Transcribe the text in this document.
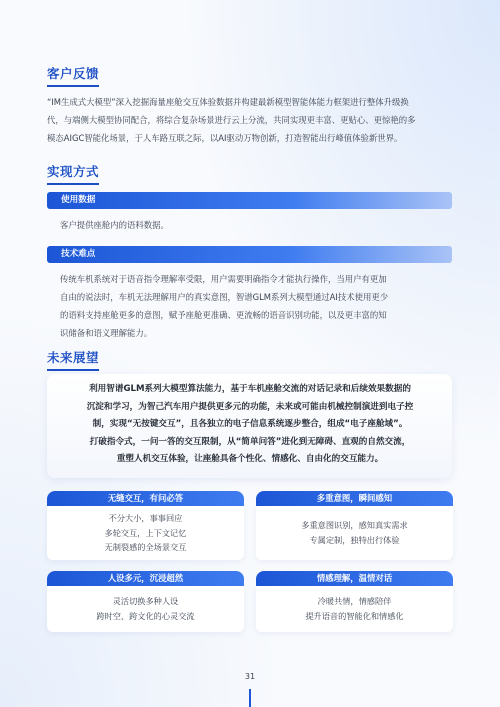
客户反馈
“IM生成式大模型”深入挖掘海量座舱交互体验数据并构建最新模型智能体能力框架进行整体升级换
代，与端侧大模型协同配合，将综合复杂场景进行云上分流，共同实现更丰富、更贴心、更惊艳的多
模态AIGC智能化场景，于人车路互联之际，以AI驱动万物创新，打造智能出行峰值体验新世界。
实现方式
使用数据
客户提供座舱内的语料数据。
技术难点
传统车机系统对于语音指令理解率受限，用户需要明确指令才能执行操作，当用户有更加
自由的说法时，车机无法理解用户的真实意图，智谱GLM系列大模型通过AI技术使用更少
的语料支持座舱更多的意图，赋予座舱更准确、更流畅的语音识别功能，以及更丰富的知
识储备和语义理解能力。
未来展望
利用智谱GLM系列大模型算法能力，基于车机座舱交流的对话记录和后续效果数据的
沉淀和学习，为智己汽车用户提供更多元的功能，未来或可能由机械控制演进到电子控
制，实现“无按键交互”，且各独立的电子信息系统逐步整合，组成“电子座舱域”。
打破指令式，一问一答的交互限制，从“简单问答”进化到无障碍、直观的自然交流，
重塑人机交互体验，让座舱具备个性化、情感化、自由化的交互能力。
无缝交互，有问必答
不分大小，事事回应
多轮交互，上下文记忆
无制裂感的全场景交互
多重意图，瞬间感知
多重意图识别，感知真实需求
专属定制，独特出行体验
人设多元，沉浸超然
灵活切换多种人设
跨时空、跨文化的心灵交流
情感理解，温情对话
冷暖共情，情感陪伴
提升语音的智能化和情感化
31
